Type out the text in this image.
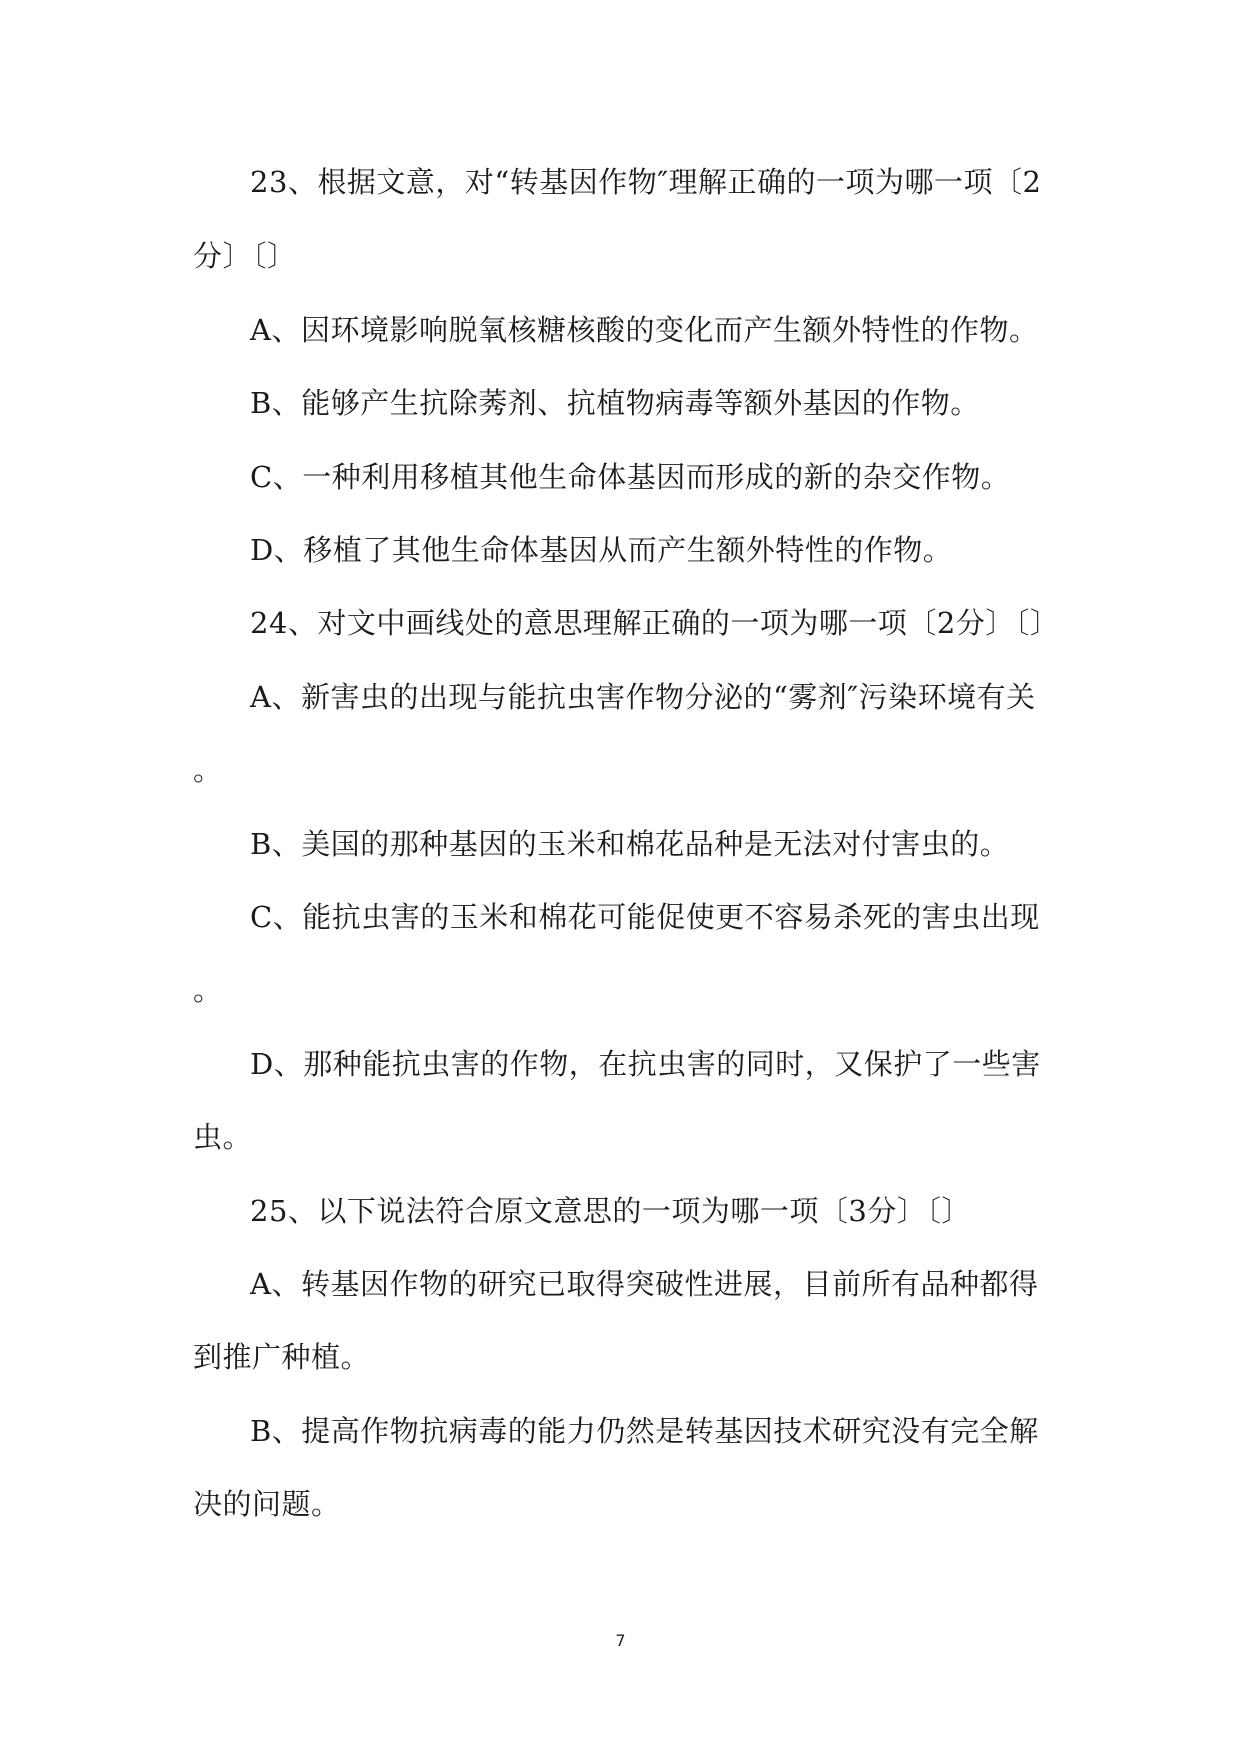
23、根据文意，对“转基因作物″理解正确的一项为哪一项〔2
分〕〔〕
A、因环境影响脱氧核糖核酸的变化而产生额外特性的作物。
B、能够产生抗除莠剂、抗植物病毒等额外基因的作物。
C、一种利用移植其他生命体基因而形成的新的杂交作物。
D、移植了其他生命体基因从而产生额外特性的作物。
24、对文中画线处的意思理解正确的一项为哪一项〔2分〕〔〕
A、新害虫的出现与能抗虫害作物分泌的“雾剂″污染环境有关
。
B、美国的那种基因的玉米和棉花品种是无法对付害虫的。
C、能抗虫害的玉米和棉花可能促使更不容易杀死的害虫出现
。
D、那种能抗虫害的作物，在抗虫害的同时，又保护了一些害
虫。
25、以下说法符合原文意思的一项为哪一项〔3分〕〔〕
A、转基因作物的研究已取得突破性进展，目前所有品种都得
到推广种植。
B、提高作物抗病毒的能力仍然是转基因技术研究没有完全解
决的问题。
7
